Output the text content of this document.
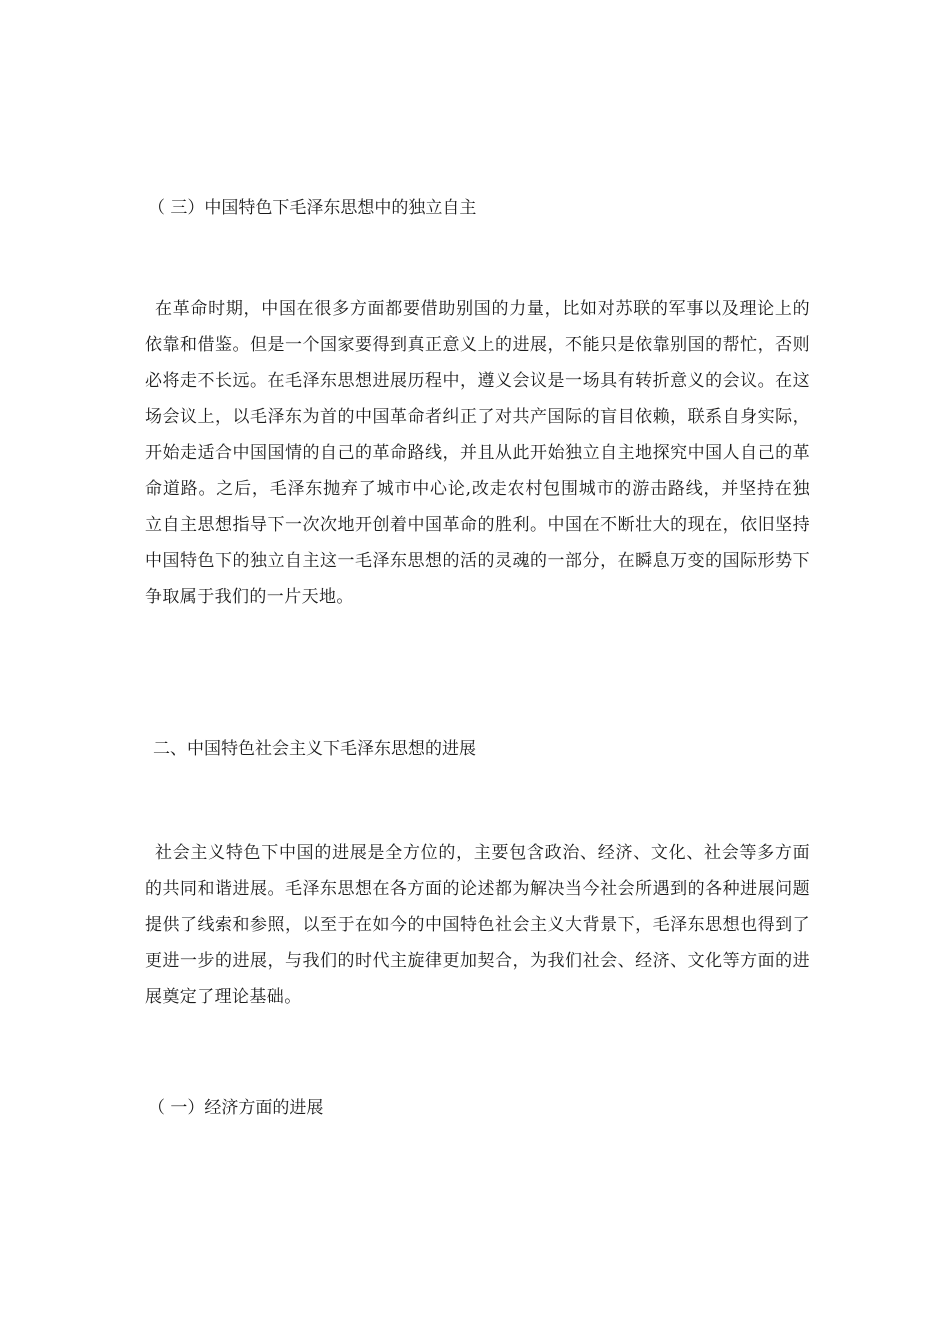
（ 三）中国特色下毛泽东思想中的独立自主
在革命时期，中国在很多方面都要借助别国的力量，比如对苏联的军事以及理论上的依靠和借鉴。但是一个国家要得到真正意义上的进展，不能只是依靠别国的帮忙，否则必将走不长远。在毛泽东思想进展历程中，遵义会议是一场具有转折意义的会议。在这场会议上，以毛泽东为首的中国革命者纠正了对共产国际的盲目依赖，联系自身实际，开始走适合中国国情的自己的革命路线，并且从此开始独立自主地探究中国人自己的革命道路。之后，毛泽东抛弃了城市中心论,改走农村包围城市的游击路线，并坚持在独立自主思想指导下一次次地开创着中国革命的胜利。中国在不断壮大的现在，依旧坚持中国特色下的独立自主这一毛泽东思想的活的灵魂的一部分，在瞬息万变的国际形势下争取属于我们的一片天地。
二、中国特色社会主义下毛泽东思想的进展
社会主义特色下中国的进展是全方位的，主要包含政治、经济、文化、社会等多方面的共同和谐进展。毛泽东思想在各方面的论述都为解决当今社会所遇到的各种进展问题提供了线索和参照，以至于在如今的中国特色社会主义大背景下，毛泽东思想也得到了更进一步的进展，与我们的时代主旋律更加契合，为我们社会、经济、文化等方面的进展奠定了理论基础。
（ 一）经济方面的进展
